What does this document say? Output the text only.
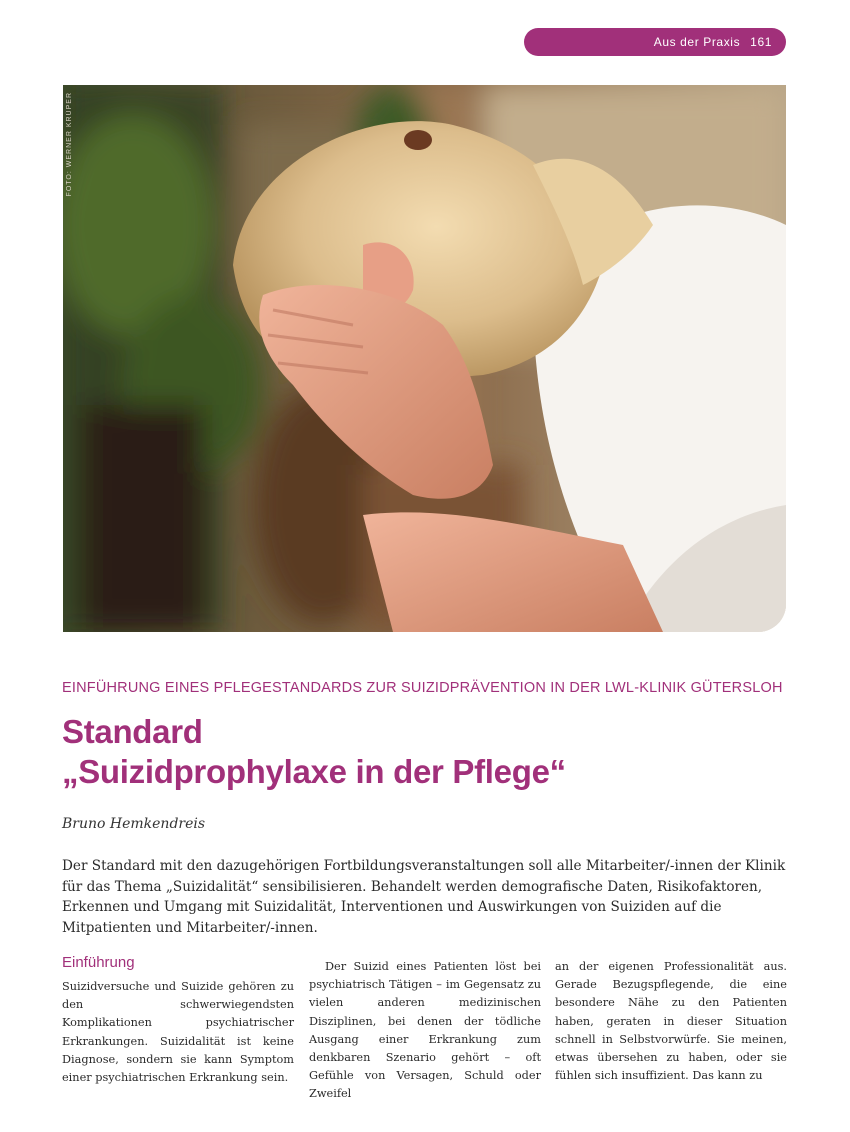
Aus der Praxis 161
FOTO: WERNER KRÜPER
EINFÜHRUNG EINES PFLEGESTANDARDS ZUR SUIZIDPRÄVENTION IN DER LWL-KLINIK GÜTERSLOH
Standard
„Suizidprophylaxe in der Pflege“
Bruno Hemkendreis
Der Standard mit den dazugehörigen Fortbildungsveranstaltungen soll alle Mitarbeiter/-innen der Klinik für das Thema „Suizidalität“ sensibilisieren. Behandelt werden demografische Daten, Risikofaktoren, Erkennen und Umgang mit Suizidalität, Interventionen und Auswirkungen von Suiziden auf die Mitpatienten und Mitarbeiter/-innen.
Einführung

Suizidversuche und Suizide gehören zu den schwerwiegendsten Komplikationen psychiatrischer Erkrankungen. Suizidalität ist keine Diagnose, sondern sie kann Symptom einer psychiatrischen Erkrankung sein.

Der Suizid eines Patienten löst bei psychiatrisch Tätigen – im Gegensatz zu vielen anderen medizinischen Disziplinen, bei denen der tödliche Ausgang einer Erkrankung zum denkbaren Szenario gehört – oft Gefühle von Versagen, Schuld oder Zweifel

an der eigenen Professionalität aus. Gerade Bezugspflegende, die eine besondere Nähe zu den Patienten haben, geraten in dieser Situation schnell in Selbstvorwürfe. Sie meinen, etwas übersehen zu haben, oder sie fühlen sich insuffizient. Das kann zu
